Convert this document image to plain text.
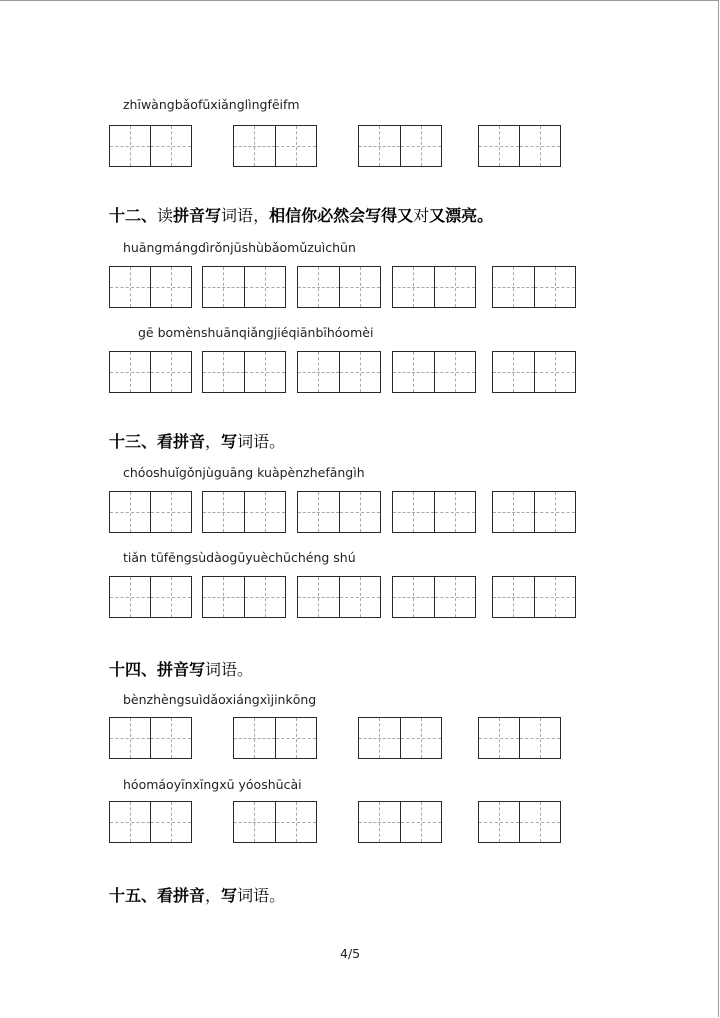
zhīwàngbǎofūxiǎnglìngfēifm
十二、读拼音写词语，相信你必然会写得又对又漂亮。
huāngmángdìrǒnjūshùbǎomǔzuìchūn
gē bomènshuānqiǎngjiéqiānbīhóomèi
十三、看拼音，写词语。
chóoshuǐgǒnjùguāng kuàpènzhefāngìh
tiǎn tūfēngsùdàogūyuèchūchéng shú
十四、拼音写词语。
bènzhèngsuìdǎoxiángxìjinkōng
hóomáoyīnxīngxū yóoshūcài
十五、看拼音，写词语。
4/5
